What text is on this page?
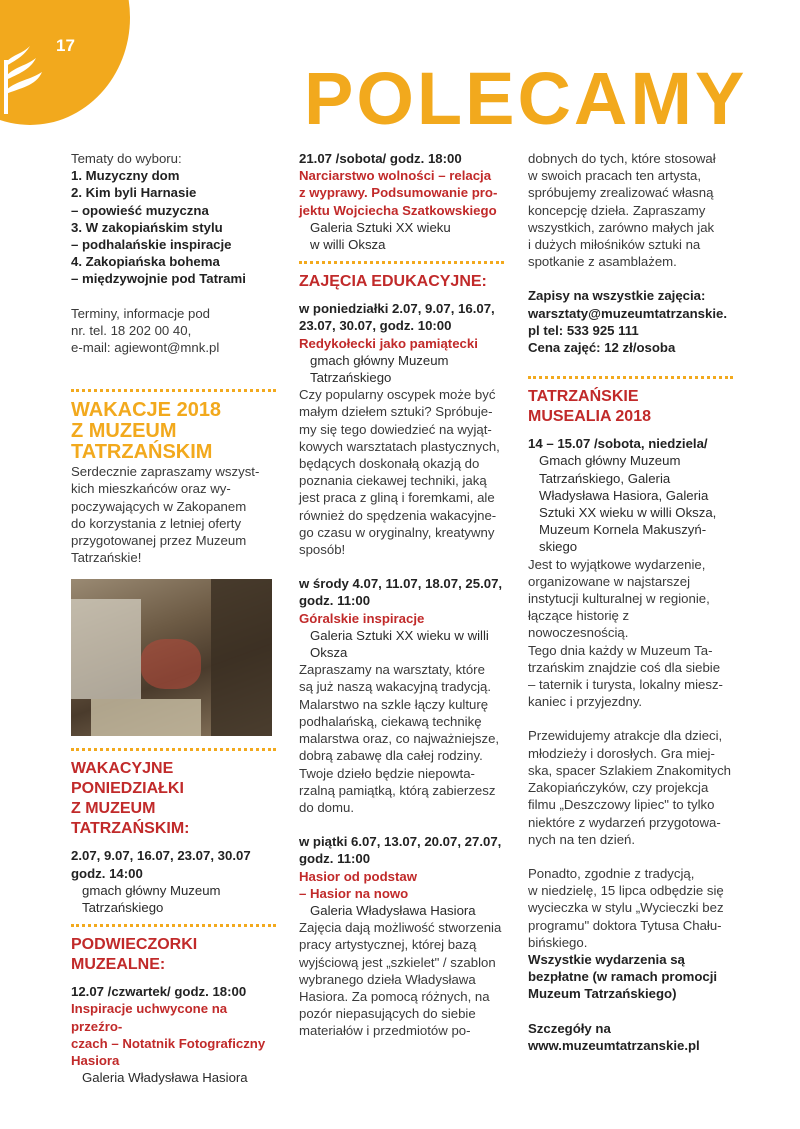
17
POLECAMY

Tematy do wyboru:

1. Muzyczny dom
2. Kim byli Harnasie
– opowieść muzyczna
3. W zakopiańskim stylu
– podhalańskie inspiracje
4. Zakopiańska bohema
– międzywojnie pod Tatrami
Terminy, informacje pod
nr. tel. 18 202 00 40,
e-mail: agiewont@mnk.pl
WAKACJE 2018
Z MUZEUM
TATRZAŃSKIM
Serdecznie zapraszamy wszyst-
kich mieszkańców oraz wy-
poczywających w Zakopanem
do korzystania z letniej oferty
przygotowanej przez Muzeum
Tatrzańskie!
WAKACYJNE
PONIEDZIAŁKI
Z MUZEUM
TATRZAŃSKIM:
2.07, 9.07, 16.07, 23.07, 30.07
godz. 14:00
gmach główny Muzeum
Tatrzańskiego
PODWIECZORKI
MUZEALNE:
12.07 /czwartek/ godz. 18:00
Inspiracje uchwycone na przeźro-
czach – Notatnik Fotograficzny
Hasiora
Galeria Władysława Hasiora
21.07 /sobota/ godz. 18:00
Narciarstwo wolności – relacja
z wyprawy. Podsumowanie pro-
jektu Wojciecha Szatkowskiego
Galeria Sztuki XX wieku
w willi Oksza
ZAJĘCIA EDUKACYJNE:
w poniedziałki 2.07, 9.07, 16.07,
23.07, 30.07, godz. 10:00
Redykołecki jako pamiątecki
gmach główny Muzeum
Tatrzańskiego
Czy popularny oscypek może być
małym dziełem sztuki? Spróbuje-
my się tego dowiedzieć na wyjąt-
kowych warsztatach plastycznych,
będących doskonałą okazją do
poznania ciekawej techniki, jaką
jest praca z gliną i foremkami, ale
również do spędzenia wakacyjne-
go czasu w oryginalny, kreatywny
sposób!
w środy 4.07, 11.07, 18.07, 25.07,
godz. 11:00
Góralskie inspiracje
Galeria Sztuki XX wieku w willi
Oksza
Zapraszamy na warsztaty, które
są już naszą wakacyjną tradycją.
Malarstwo na szkle łączy kulturę
podhalańską, ciekawą technikę
malarstwa oraz, co najważniejsze,
dobrą zabawę dla całej rodziny.
Twoje dzieło będzie niepowta-
rzalną pamiątką, którą zabierzesz
do domu.
w piątki 6.07, 13.07, 20.07, 27.07,
godz. 11:00
Hasior od podstaw
– Hasior na nowo
Galeria Władysława Hasiora
Zajęcia dają możliwość stworzenia
pracy artystycznej, której bazą
wyjściową jest „szkielet" / szablon
wybranego dzieła Władysława
Hasiora. Za pomocą różnych, na
pozór niepasujących do siebie
materiałów i przedmiotów po-
dobnych do tych, które stosował
w swoich pracach ten artysta,
spróbujemy zrealizować własną
koncepcję dzieła. Zapraszamy
wszystkich, zarówno małych jak
i dużych miłośników sztuki na
spotkanie z asamblażem.
Zapisy na wszystkie zajęcia:
warsztaty@muzeumtatrzanskie.
pl tel: 533 925 111
Cena zajęć: 12 zł/osoba
TATRZAŃSKIE
MUSEALIA 2018
14 – 15.07 /sobota, niedziela/
Gmach główny Muzeum
Tatrzańskiego, Galeria
Władysława Hasiora, Galeria
Sztuki XX wieku w willi Oksza,
Muzeum Kornela Makuszyń-
skiego
Jest to wyjątkowe wydarzenie,
organizowane w najstarszej
instytucji kulturalnej w regionie,
łączące historię z nowoczesnością.
Tego dnia każdy w Muzeum Ta-
trzańskim znajdzie coś dla siebie
– taternik i turysta, lokalny miesz-
kaniec i przyjezdny.
Przewidujemy atrakcje dla dzieci,
młodzieży i dorosłych. Gra miej-
ska, spacer Szlakiem Znakomitych
Zakopiańczyków, czy projekcja
filmu „Deszczowy lipiec" to tylko
niektóre z wydarzeń przygotowa-
nych na ten dzień.
Ponadto, zgodnie z tradycją,
w niedzielę, 15 lipca odbędzie się
wycieczka w stylu „Wycieczki bez
programu" doktora Tytusa Chału-
bińskiego.
Wszystkie wydarzenia są
bezpłatne (w ramach promocji
Muzeum Tatrzańskiego)
Szczegóły na
www.muzeumtatrzanskie.pl
